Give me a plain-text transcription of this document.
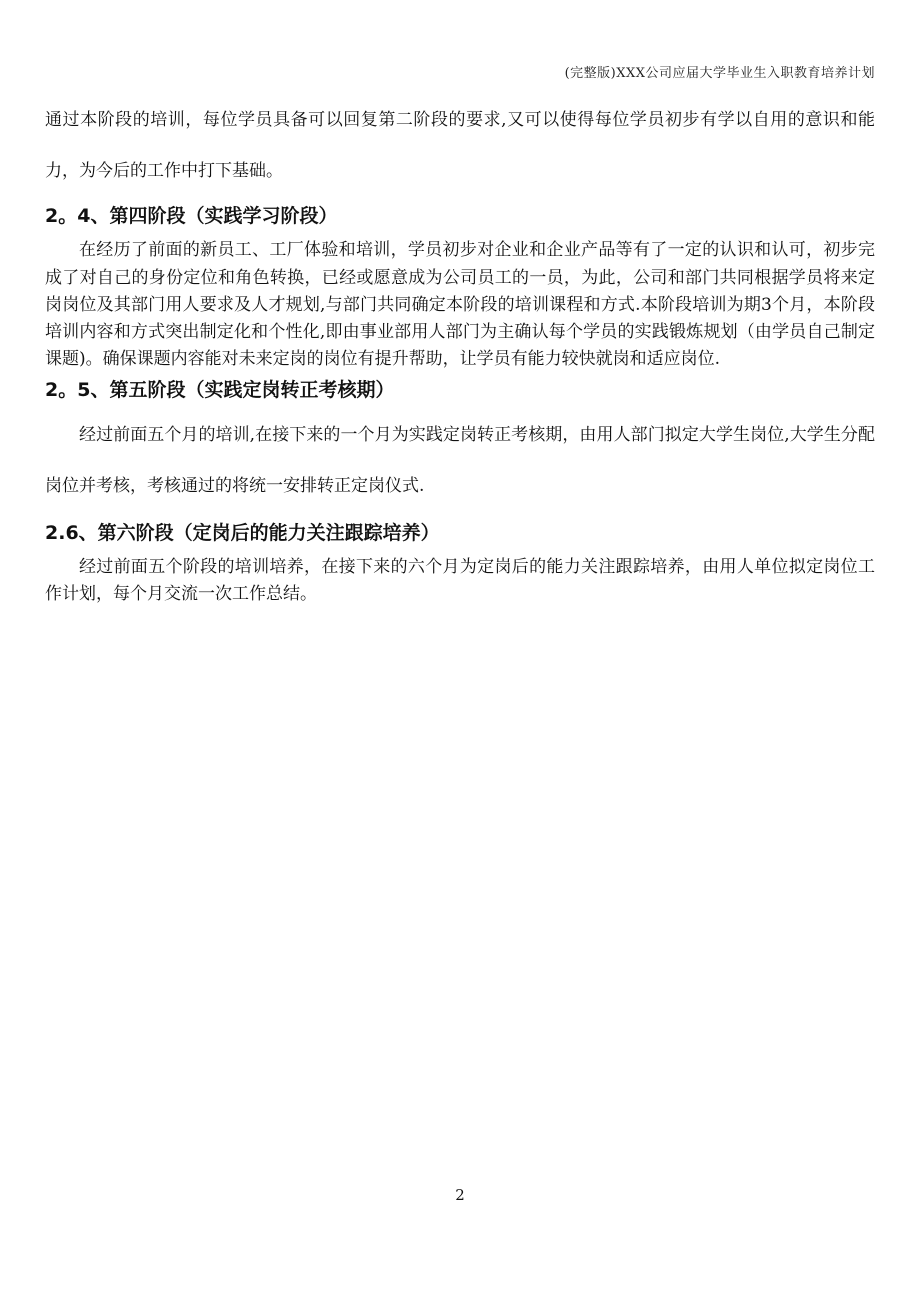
(完整版)XXX公司应届大学毕业生入职教育培养计划

通过本阶段的培训，每位学员具备可以回复第二阶段的要求,又可以使得每位学员初步有学以自用的意识和能力，为今后的工作中打下基础。

2。4、第四阶段（实践学习阶段）

在经历了前面的新员工、工厂体验和培训，学员初步对企业和企业产品等有了一定的认识和认可，初步完成了对自己的身份定位和角色转换，已经或愿意成为公司员工的一员，为此，公司和部门共同根据学员将来定岗岗位及其部门用人要求及人才规划,与部门共同确定本阶段的培训课程和方式.本阶段培训为期3个月，本阶段培训内容和方式突出制定化和个性化,即由事业部用人部门为主确认每个学员的实践锻炼规划（由学员自己制定课题)。确保课题内容能对未来定岗的岗位有提升帮助，让学员有能力较快就岗和适应岗位.

2。5、第五阶段（实践定岗转正考核期）

经过前面五个月的培训,在接下来的一个月为实践定岗转正考核期，由用人部门拟定大学生岗位,大学生分配岗位并考核，考核通过的将统一安排转正定岗仪式.

2.6、第六阶段（定岗后的能力关注跟踪培养）

经过前面五个阶段的培训培养，在接下来的六个月为定岗后的能力关注跟踪培养，由用人单位拟定岗位工作计划，每个月交流一次工作总结。

2
